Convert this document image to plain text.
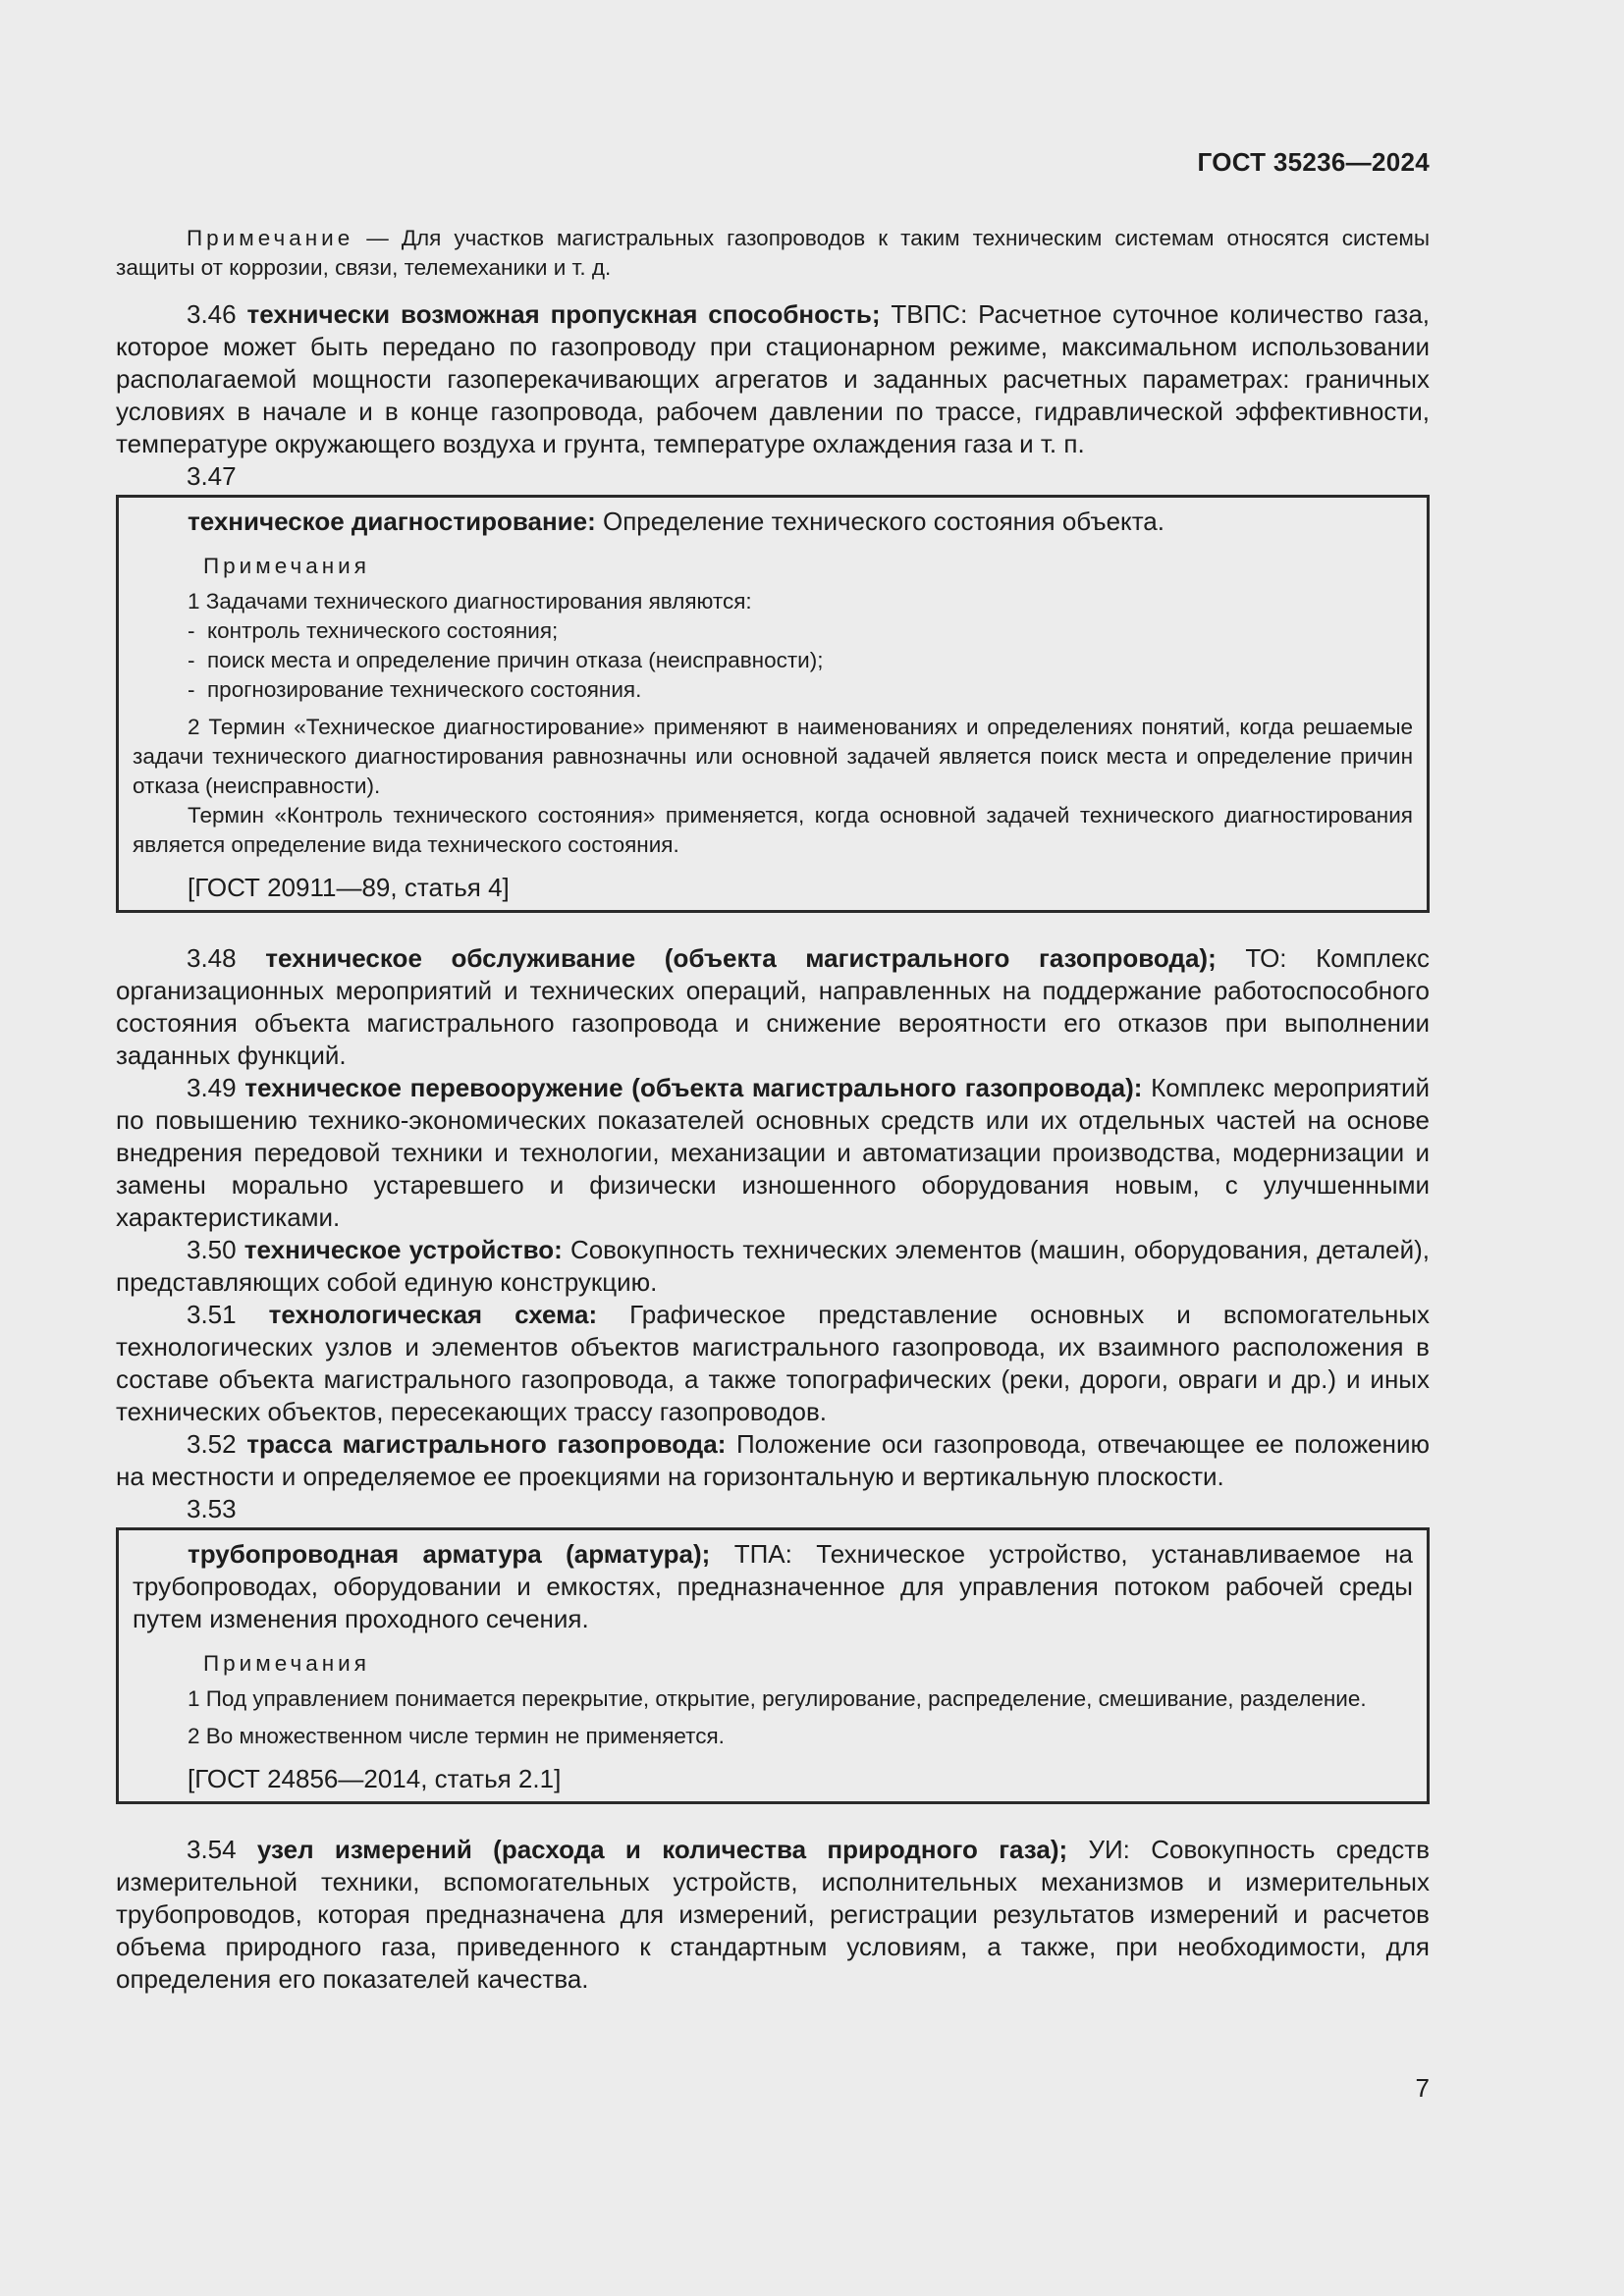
ГОСТ 35236—2024

Примечание — Для участков магистральных газопроводов к таким техническим системам относятся системы защиты от коррозии, связи, телемеханики и т. д.

3.46 технически возможная пропускная способность; ТВПС: Расчетное суточное количество газа, которое может быть передано по газопроводу при стационарном режиме, максимальном использовании располагаемой мощности газоперекачивающих агрегатов и заданных расчетных параметрах: граничных условиях в начале и в конце газопровода, рабочем давлении по трассе, гидравлической эффективности, температуре окружающего воздуха и грунта, температуре охлаждения газа и т. п.

3.47

техническое диагностирование: Определение технического состояния объекта.

Примечания

1 Задачами технического диагностирования являются:

- контроль технического состояния;
- поиск места и определение причин отказа (неисправности);
- прогнозирование технического состояния.

2 Термин «Техническое диагностирование» применяют в наименованиях и определениях понятий, когда решаемые задачи технического диагностирования равнозначны или основной задачей является поиск места и определение причин отказа (неисправности).

Термин «Контроль технического состояния» применяется, когда основной задачей технического диагностирования является определение вида технического состояния.

[ГОСТ 20911—89, статья 4]

3.48 техническое обслуживание (объекта магистрального газопровода); ТО: Комплекс организационных мероприятий и технических операций, направленных на поддержание работоспособного состояния объекта магистрального газопровода и снижение вероятности его отказов при выполнении заданных функций.

3.49 техническое перевооружение (объекта магистрального газопровода): Комплекс мероприятий по повышению технико-экономических показателей основных средств или их отдельных частей на основе внедрения передовой техники и технологии, механизации и автоматизации производства, модернизации и замены морально устаревшего и физически изношенного оборудования новым, с улучшенными характеристиками.

3.50 техническое устройство: Совокупность технических элементов (машин, оборудования, деталей), представляющих собой единую конструкцию.

3.51 технологическая схема: Графическое представление основных и вспомогательных технологических узлов и элементов объектов магистрального газопровода, их взаимного расположения в составе объекта магистрального газопровода, а также топографических (реки, дороги, овраги и др.) и иных технических объектов, пересекающих трассу газопроводов.

3.52 трасса магистрального газопровода: Положение оси газопровода, отвечающее ее положению на местности и определяемое ее проекциями на горизонтальную и вертикальную плоскости.

3.53

трубопроводная арматура (арматура); ТПА: Техническое устройство, устанавливаемое на трубопроводах, оборудовании и емкостях, предназначенное для управления потоком рабочей среды путем изменения проходного сечения.

Примечания

1 Под управлением понимается перекрытие, открытие, регулирование, распределение, смешивание, разделение.

2 Во множественном числе термин не применяется.

[ГОСТ 24856—2014, статья 2.1]

3.54 узел измерений (расхода и количества природного газа); УИ: Совокупность средств измерительной техники, вспомогательных устройств, исполнительных механизмов и измерительных трубопроводов, которая предназначена для измерений, регистрации результатов измерений и расчетов объема природного газа, приведенного к стандартным условиям, а также, при необходимости, для определения его показателей качества.

7
